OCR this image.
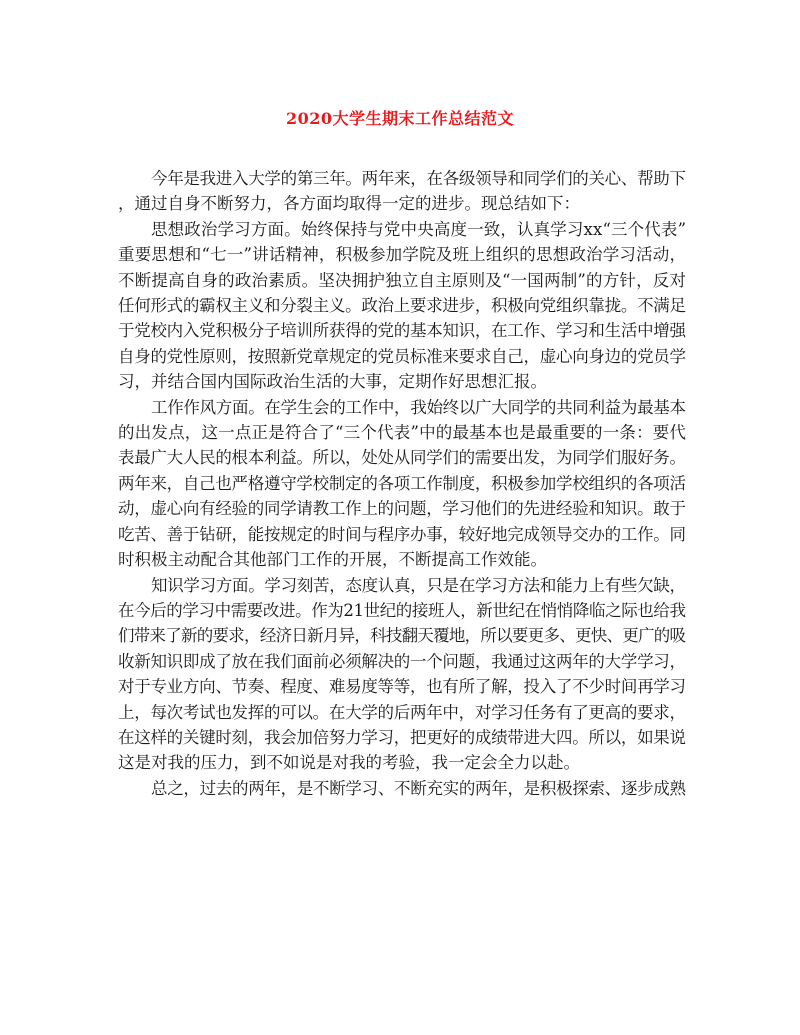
2020大学生期末工作总结范文
今年是我进入大学的第三年。两年来，在各级领导和同学们的关心、帮助下
，通过自身不断努力，各方面均取得一定的进步。现总结如下：
思想政治学习方面。始终保持与党中央高度一致，认真学习xx“三个代表”
重要思想和“七一”讲话精神，积极参加学院及班上组织的思想政治学习活动，
不断提高自身的政治素质。坚决拥护独立自主原则及“一国两制”的方针，反对
任何形式的霸权主义和分裂主义。政治上要求进步，积极向党组织靠拢。不满足
于党校内入党积极分子培训所获得的党的基本知识，在工作、学习和生活中增强
自身的党性原则，按照新党章规定的党员标准来要求自己，虚心向身边的党员学
习，并结合国内国际政治生活的大事，定期作好思想汇报。
工作作风方面。在学生会的工作中，我始终以广大同学的共同利益为最基本
的出发点，这一点正是符合了“三个代表”中的最基本也是最重要的一条：要代
表最广大人民的根本利益。所以，处处从同学们的需要出发，为同学们服好务。
两年来，自己也严格遵守学校制定的各项工作制度，积极参加学校组织的各项活
动，虚心向有经验的同学请教工作上的问题，学习他们的先进经验和知识。敢于
吃苦、善于钻研，能按规定的时间与程序办事，较好地完成领导交办的工作。同
时积极主动配合其他部门工作的开展，不断提高工作效能。
知识学习方面。学习刻苦，态度认真，只是在学习方法和能力上有些欠缺，
在今后的学习中需要改进。作为21世纪的接班人，新世纪在悄悄降临之际也给我
们带来了新的要求，经济日新月异，科技翻天覆地，所以要更多、更快、更广的吸
收新知识即成了放在我们面前必须解决的一个问题，我通过这两年的大学学习，
对于专业方向、节奏、程度、难易度等等，也有所了解，投入了不少时间再学习
上，每次考试也发挥的可以。在大学的后两年中，对学习任务有了更高的要求，
在这样的关键时刻，我会加倍努力学习，把更好的成绩带进大四。所以，如果说
这是对我的压力，到不如说是对我的考验，我一定会全力以赴。
总之，过去的两年，是不断学习、不断充实的两年，是积极探索、逐步成熟
